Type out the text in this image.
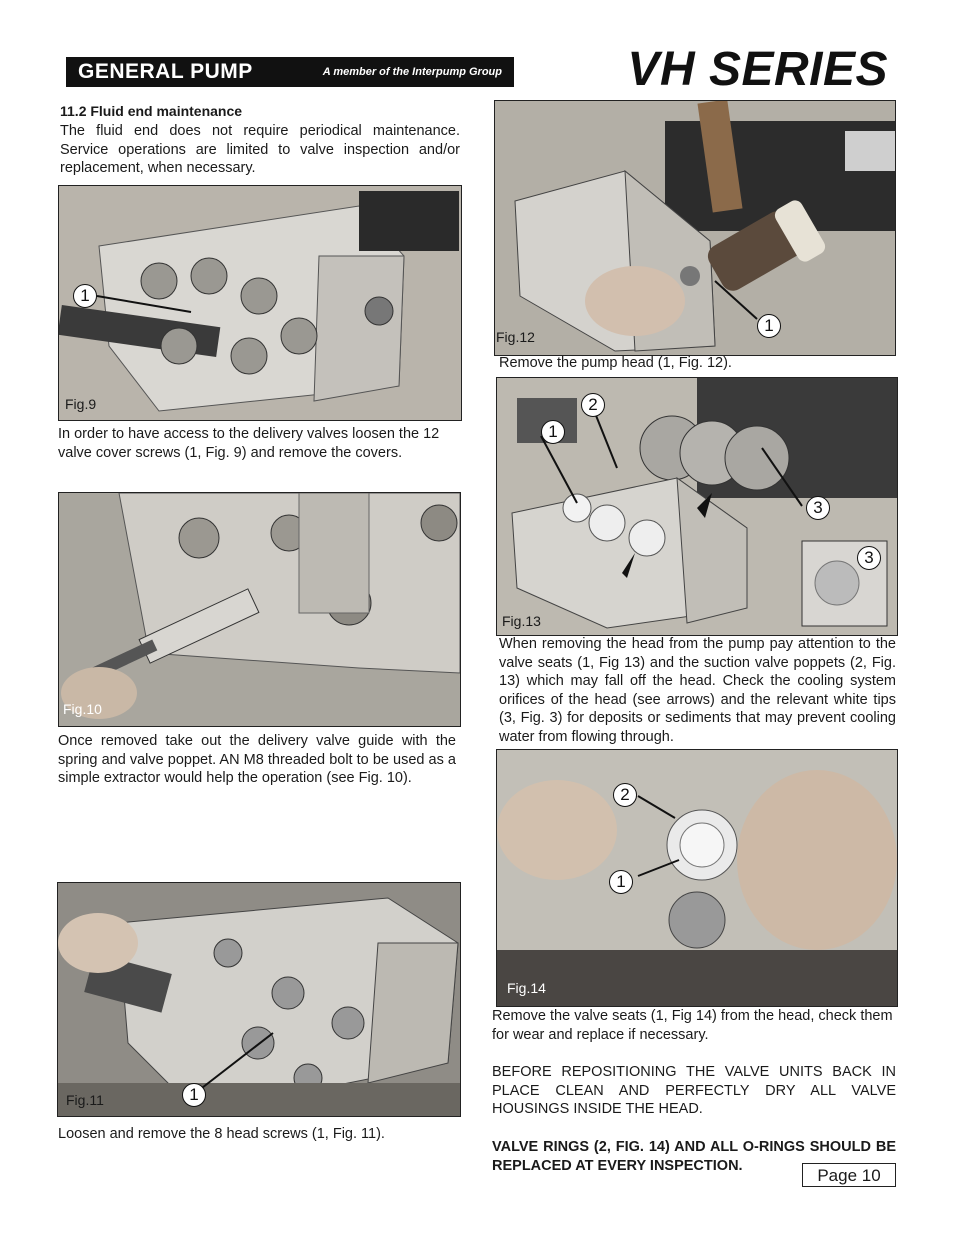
GENERAL PUMP	A member of the Interpump Group	VH SERIES
11.2 Fluid end maintenance
The fluid end does not require periodical maintenance. Service operations are limited to valve inspection and/or replacement, when necessary.
1
Fig.9
In order to have access to the delivery valves loosen the 12 valve cover screws (1, Fig. 9) and remove the covers.
Fig.10
Once removed take out the delivery valve guide with the spring and valve poppet. AN M8 threaded bolt to be used as a simple extractor would help the operation (see Fig. 10).
1
Fig.11
Loosen and remove the 8 head screws (1, Fig. 11).
1
Fig.12
Remove the pump head (1, Fig. 12).
1
2
3
3
Fig.13
When removing the head from the pump pay attention to the valve seats (1, Fig 13) and the suction valve poppets (2, Fig. 13) which may fall off the head. Check the cooling system orifices of the head (see arrows) and the relevant white tips (3, Fig. 3) for deposits or sediments that may prevent cooling water from flowing through.
2
1
Fig.14
Remove the valve seats (1, Fig 14) from the head, check them for wear and replace if necessary.
BEFORE REPOSITIONING THE VALVE UNITS BACK IN PLACE CLEAN AND PERFECTLY DRY ALL VALVE HOUSINGS INSIDE THE HEAD.
VALVE RINGS (2, FIG. 14) AND ALL O-RINGS SHOULD BE REPLACED AT EVERY INSPECTION.
Page 10
